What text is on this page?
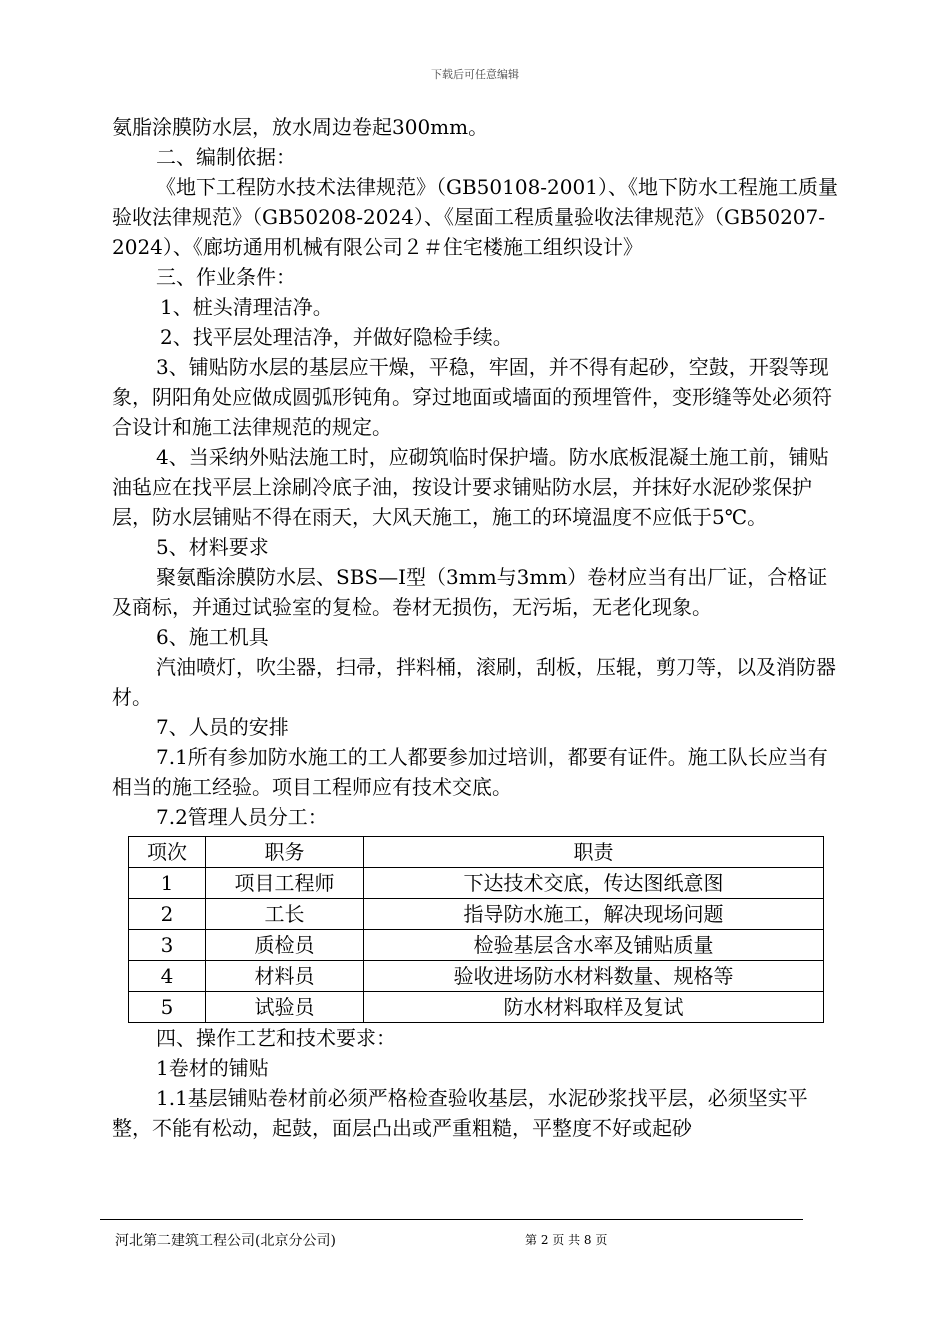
下载后可任意编辑

氨脂涂膜防水层，放水周边卷起300mm。

二、编制依据：

《地下工程防水技术法律规范》（GB50108-2001）、《地下防水工程施工质量验收法律规范》（GB50208-2024）、《屋面工程质量验收法律规范》（GB50207-2024）、《廊坊通用机械有限公司２＃住宅楼施工组织设计》

三、作业条件：

1、桩头清理洁净。

2、找平层处理洁净，并做好隐检手续。

3、铺贴防水层的基层应干燥，平稳，牢固，并不得有起砂，空鼓，开裂等现象，阴阳角处应做成圆弧形钝角。穿过地面或墙面的预埋管件，变形缝等处必须符合设计和施工法律规范的规定。

4、当采纳外贴法施工时，应砌筑临时保护墙。防水底板混凝土施工前，铺贴油毡应在找平层上涂刷冷底子油，按设计要求铺贴防水层，并抹好水泥砂浆保护层，防水层铺贴不得在雨天，大风天施工，施工的环境温度不应低于5℃。

5、材料要求

聚氨酯涂膜防水层、SBS—Ⅰ型（3mm与3mm）卷材应当有出厂证，合格证及商标，并通过试验室的复检。卷材无损伤，无污垢，无老化现象。

6、施工机具

汽油喷灯，吹尘器，扫帚，拌料桶，滚刷，刮板，压辊，剪刀等，以及消防器材。

7、人员的安排

7.1所有参加防水施工的工人都要参加过培训，都要有证件。施工队长应当有相当的施工经验。项目工程师应有技术交底。

7.2管理人员分工：

项次	职务	职责
1	项目工程师	下达技术交底，传达图纸意图
2	工长	指导防水施工，解决现场问题
3	质检员	检验基层含水率及铺贴质量
4	材料员	验收进场防水材料数量、规格等
5	试验员	防水材料取样及复试

四、操作工艺和技术要求：

1卷材的铺贴

1.1基层铺贴卷材前必须严格检查验收基层，水泥砂浆找平层，必须坚实平整，不能有松动，起鼓，面层凸出或严重粗糙，平整度不好或起砂

河北第二建筑工程公司(北京分公司)	第 2 页 共 8 页
